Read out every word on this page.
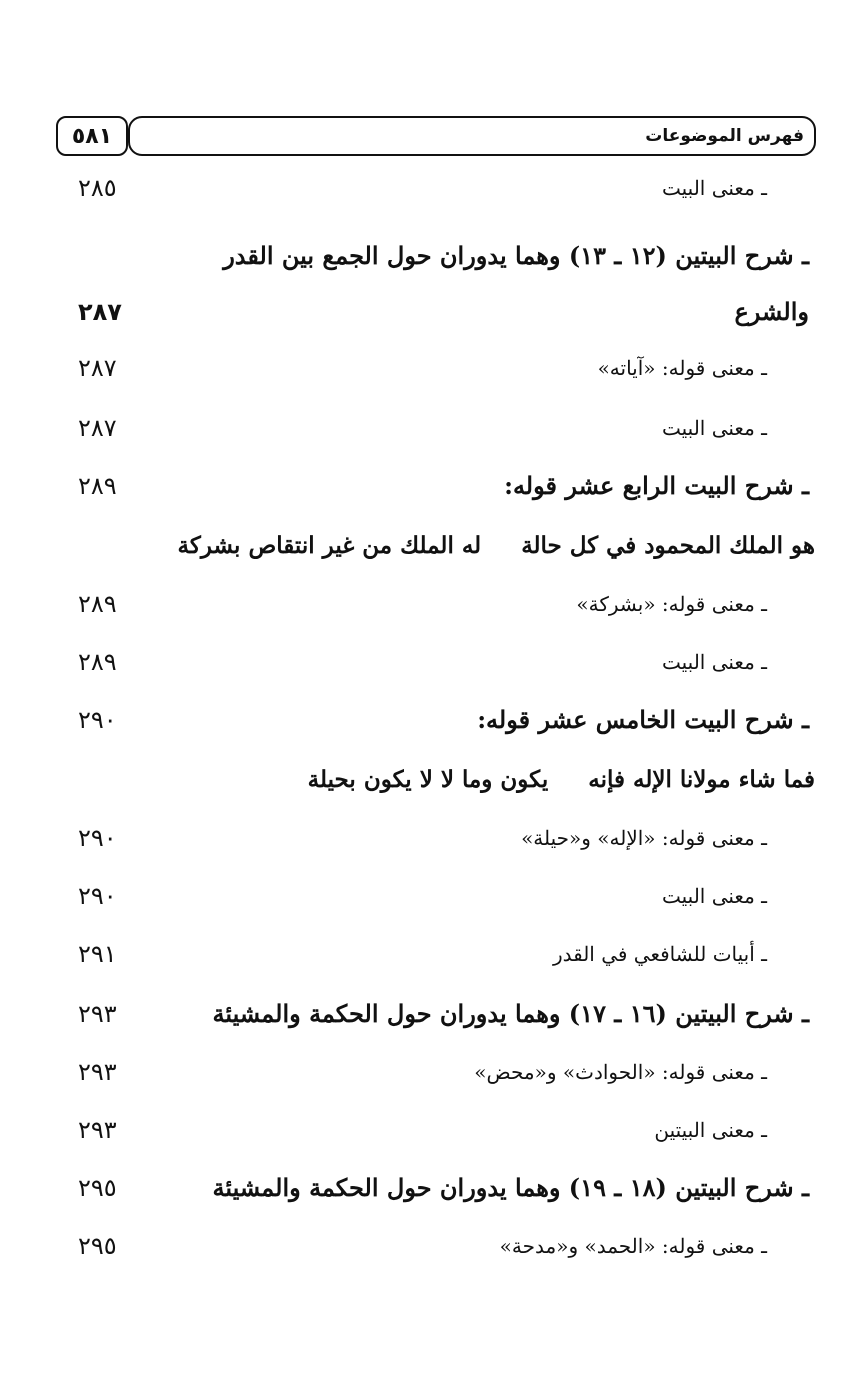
٥٨١	فهرس الموضوعات
ـ معنى البيت
٢٨٥
ـ شرح البيتين (١٢ ـ ١٣) وهما يدوران حول الجمع بين القدر
والشرع
٢٨٧
ـ معنى قوله: «آياته»
٢٨٧
ـ معنى البيت
٢٨٧
ـ شرح البيت الرابع عشر قوله:
٢٨٩
هو الملك المحمود في كل حالةله الملك من غير انتقاص بشركة
ـ معنى قوله: «بشركة»
٢٨٩
ـ معنى البيت
٢٨٩
ـ شرح البيت الخامس عشر قوله:
٢٩٠
فما شاء مولانا الإله فإنهيكون وما لا لا يكون بحيلة
ـ معنى قوله: «الإله» و«حيلة»
٢٩٠
ـ معنى البيت
٢٩٠
ـ أبيات للشافعي في القدر
٢٩١
ـ شرح البيتين (١٦ ـ ١٧) وهما يدوران حول الحكمة والمشيئة
٢٩٣
ـ معنى قوله: «الحوادث» و«محض»
٢٩٣
ـ معنى البيتين
٢٩٣
ـ شرح البيتين (١٨ ـ ١٩) وهما يدوران حول الحكمة والمشيئة
٢٩٥
ـ معنى قوله: «الحمد» و«مدحة»
٢٩٥
